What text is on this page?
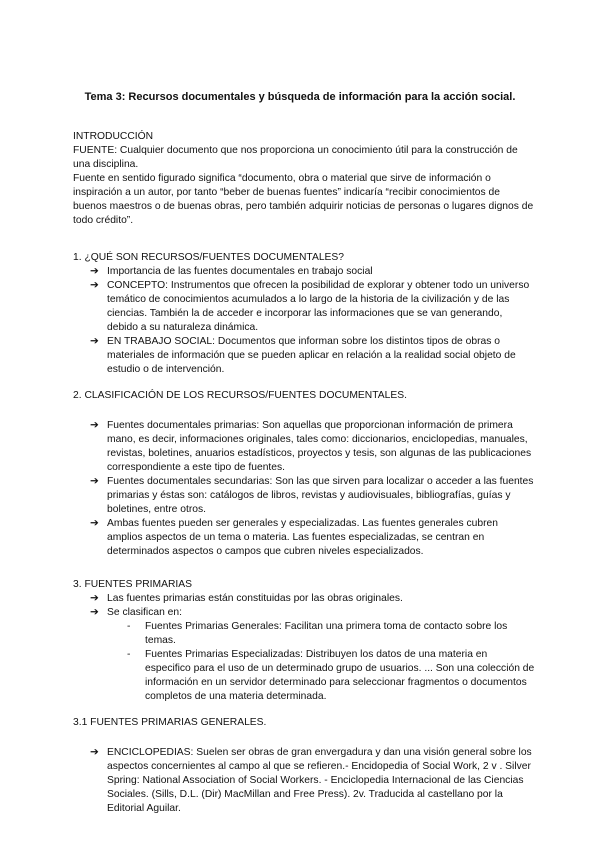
Tema 3: Recursos documentales y búsqueda de información para la acción social.

INTRODUCCIÓN

FUENTE: Cualquier documento que nos proporciona un conocimiento útil para la construcción de una disciplina.

Fuente en sentido figurado significa “documento, obra o material que sirve de información o inspiración a un autor, por tanto “beber de buenas fuentes” indicaría “recibir conocimientos de buenos maestros o de buenas obras, pero también adquirir noticias de personas o lugares dignos de todo crédito”.

1. ¿QUÉ SON RECURSOS/FUENTES DOCUMENTALES?

➔ Importancia de las fuentes documentales en trabajo social
➔ CONCEPTO: Instrumentos que ofrecen la posibilidad de explorar y obtener todo un universo temático de conocimientos acumulados a lo largo de la historia de la civilización y de las ciencias. También la de acceder e incorporar las informaciones que se van generando, debido a su naturaleza dinámica.
➔ EN TRABAJO SOCIAL: Documentos que informan sobre los distintos tipos de obras o materiales de información que se pueden aplicar en relación a la realidad social objeto de estudio o de intervención.

2. CLASIFICACIÓN DE LOS RECURSOS/FUENTES DOCUMENTALES.

➔ Fuentes documentales primarias: Son aquellas que proporcionan información de primera mano, es decir, informaciones originales, tales como: diccionarios, enciclopedias, manuales, revistas, boletines, anuarios estadísticos, proyectos y tesis, son algunas de las publicaciones correspondiente a este tipo de fuentes.
➔ Fuentes documentales secundarias: Son las que sirven para localizar o acceder a las fuentes primarias y éstas son: catálogos de libros, revistas y audiovisuales, bibliografías, guías y boletines, entre otros.
➔ Ambas fuentes pueden ser generales y especializadas. Las fuentes generales cubren amplios aspectos de un tema o materia. Las fuentes especializadas, se centran en determinados aspectos o campos que cubren niveles especializados.

3. FUENTES PRIMARIAS

➔ Las fuentes primarias están constituidas por las obras originales.
➔ Se clasifican en:
- Fuentes Primarias Generales: Facilitan una primera toma de contacto sobre los temas.
- Fuentes Primarias Especializadas: Distribuyen los datos de una materia en especifico para el uso de un determinado grupo de usuarios. ... Son una colección de información en un servidor determinado para seleccionar fragmentos o documentos completos de una materia determinada.

3.1 FUENTES PRIMARIAS GENERALES.

➔ ENCICLOPEDIAS: Suelen ser obras de gran envergadura y dan una visión general sobre los aspectos concernientes al campo al que se refieren.- Encidopedia of Social Work, 2 v . Silver Spring: National Association of Social Workers. - Enciclopedia Internacional de las Ciencias Sociales. (Sills, D.L. (Dir) MacMillan and Free Press). 2v. Traducida al castellano por la Editorial Aguilar.
